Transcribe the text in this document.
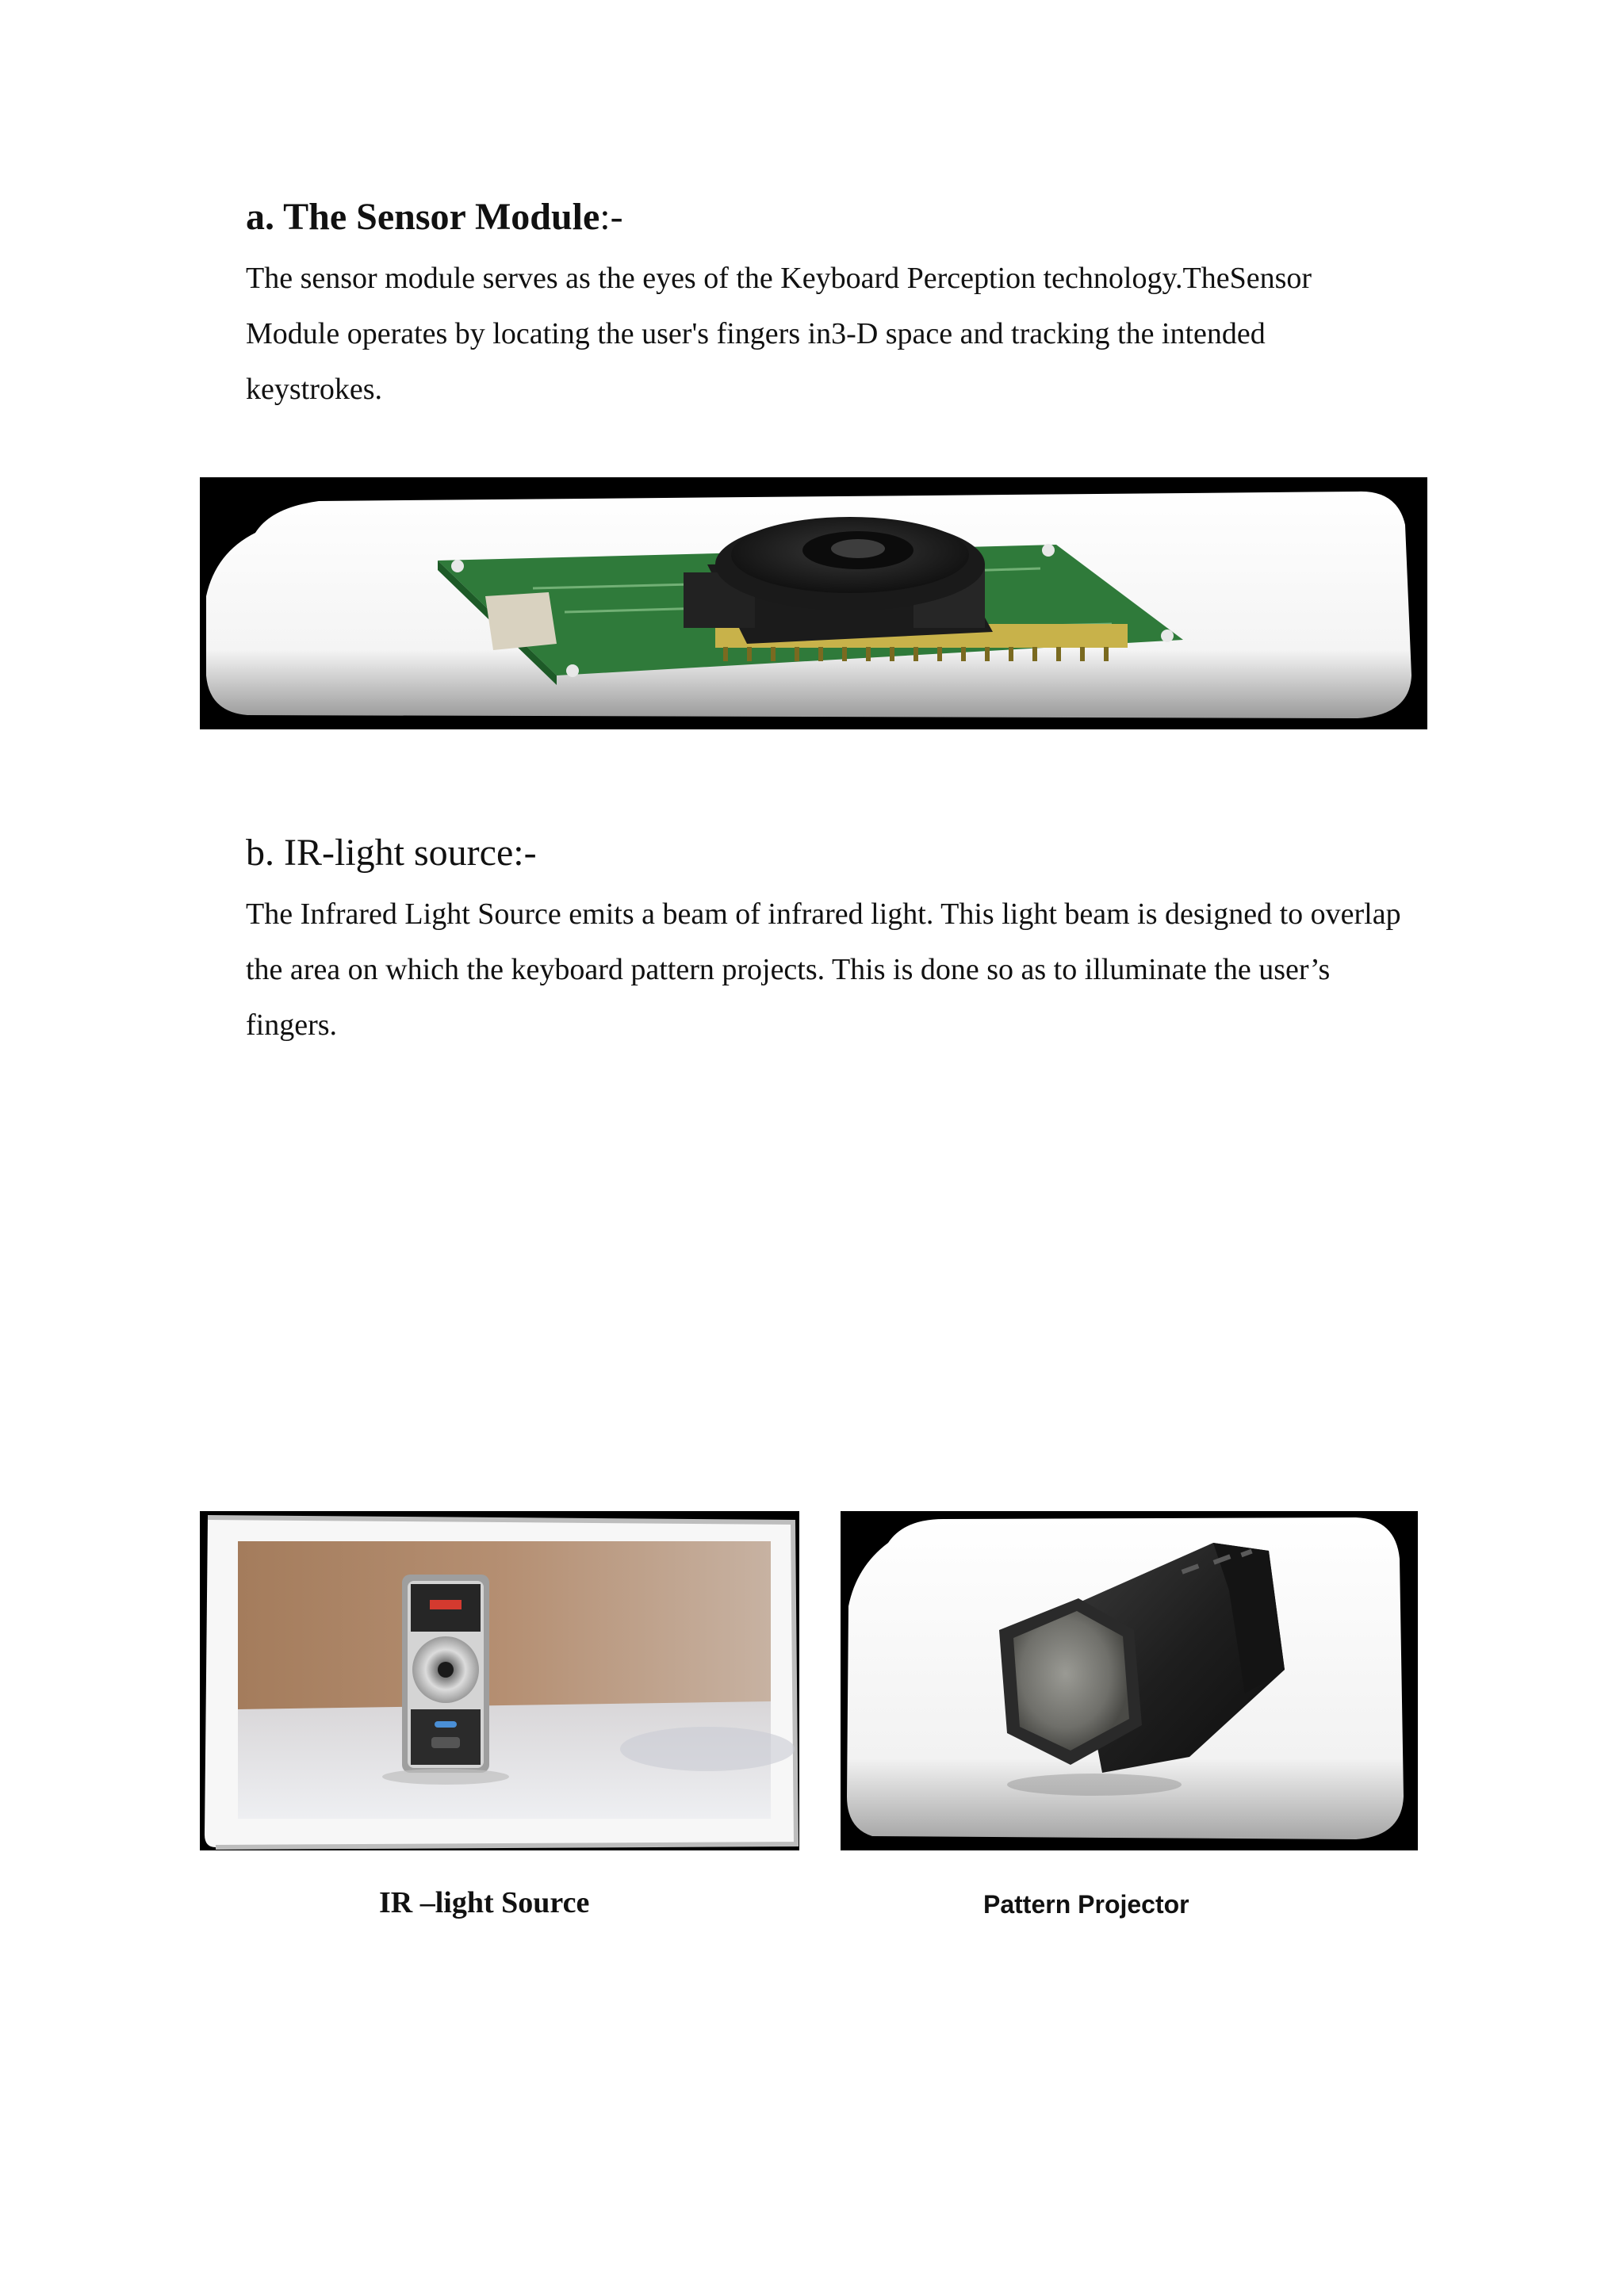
a. The Sensor Module:-

The sensor module serves as the eyes of the Keyboard Perception technology.TheSensor Module operates by locating the user's fingers in3-D space and tracking the intended keystrokes.

b. IR-light source:-

The Infrared Light Source emits a beam of infrared light. This light beam is designed to overlap the area on which the keyboard pattern projects. This is done so as to illuminate the user’s fingers.

IR –light Source	Pattern Projector
